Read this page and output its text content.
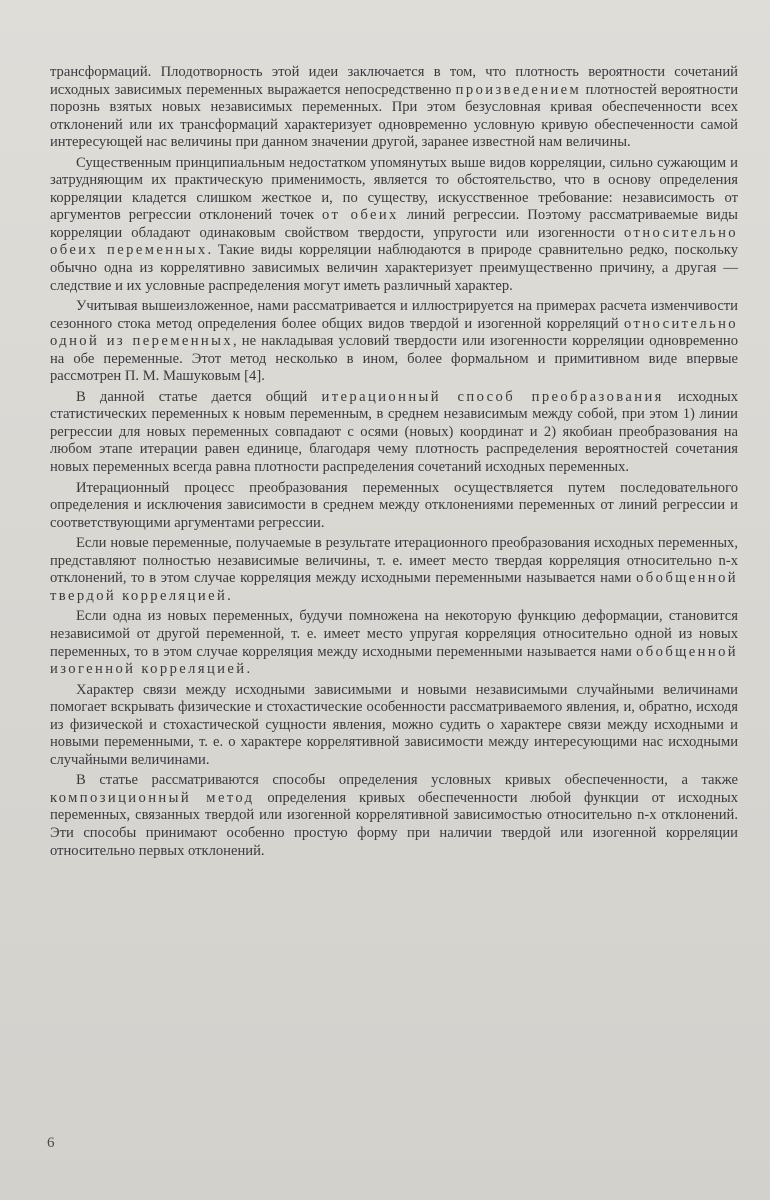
трансформаций. Плодотворность этой идеи заключается в том, что плотность вероятности сочетаний исходных зависимых переменных выражается непосредственно произведением плотностей вероятности порознь взятых новых независимых переменных. При этом безусловная кривая обеспеченности всех отклонений или их трансформаций характеризует одновременно условную кривую обеспеченности самой интересующей нас величины при данном значении другой, заранее известной нам величины.

Существенным принципиальным недостатком упомянутых выше видов корреляции, сильно сужающим и затрудняющим их практическую применимость, является то обстоятельство, что в основу определения корреляции кладется слишком жесткое и, по существу, искусственное требование: независимость от аргументов регрессии отклонений точек от обеих линий регрессии. Поэтому рассматриваемые виды корреляции обладают одинаковым свойством твердости, упругости или изогенности относительно обеих переменных. Такие виды корреляции наблюдаются в природе сравнительно редко, поскольку обычно одна из коррелятивно зависимых величин характеризует преимущественно причину, а другая — следствие и их условные распределения могут иметь различный характер.

Учитывая вышеизложенное, нами рассматривается и иллюстрируется на примерах расчета изменчивости сезонного стока метод определения более общих видов твердой и изогенной корреляций относительно одной из переменных, не накладывая условий твердости или изогенности корреляции одновременно на обе переменные. Этот метод несколько в ином, более формальном и примитивном виде впервые рассмотрен П. М. Машуковым [4].

В данной статье дается общий итерационный способ преобразования исходных статистических переменных к новым переменным, в среднем независимым между собой, при этом 1) линии регрессии для новых переменных совпадают с осями (новых) координат и 2) якобиан преобразования на любом этапе итерации равен единице, благодаря чему плотность распределения вероятностей сочетания новых переменных всегда равна плотности распределения сочетаний исходных переменных.

Итерационный процесс преобразования переменных осуществляется путем последовательного определения и исключения зависимости в среднем между отклонениями переменных от линий регрессии и соответствующими аргументами регрессии.

Если новые переменные, получаемые в результате итерационного преобразования исходных переменных, представляют полностью независимые величины, т. е. имеет место твердая корреляция относительно n-x отклонений, то в этом случае корреляция между исходными переменными называется нами обобщенной твердой корреляцией.

Если одна из новых переменных, будучи помножена на некоторую функцию деформации, становится независимой от другой переменной, т. е. имеет место упругая корреляция относительно одной из новых переменных, то в этом случае корреляция между исходными переменными называется нами обобщенной изогенной корреляцией.

Характер связи между исходными зависимыми и новыми независимыми случайными величинами помогает вскрывать физические и стохастические особенности рассматриваемого явления, и, обратно, исходя из физической и стохастической сущности явления, можно судить о характере связи между исходными и новыми переменными, т. е. о характере коррелятивной зависимости между интересующими нас исходными случайными величинами.

В статье рассматриваются способы определения условных кривых обеспеченности, а также композиционный метод определения кривых обеспеченности любой функции от исходных переменных, связанных твердой или изогенной коррелятивной зависимостью относительно n-x отклонений. Эти способы принимают особенно простую форму при наличии твердой или изогенной корреляции относительно первых отклонений.

6
